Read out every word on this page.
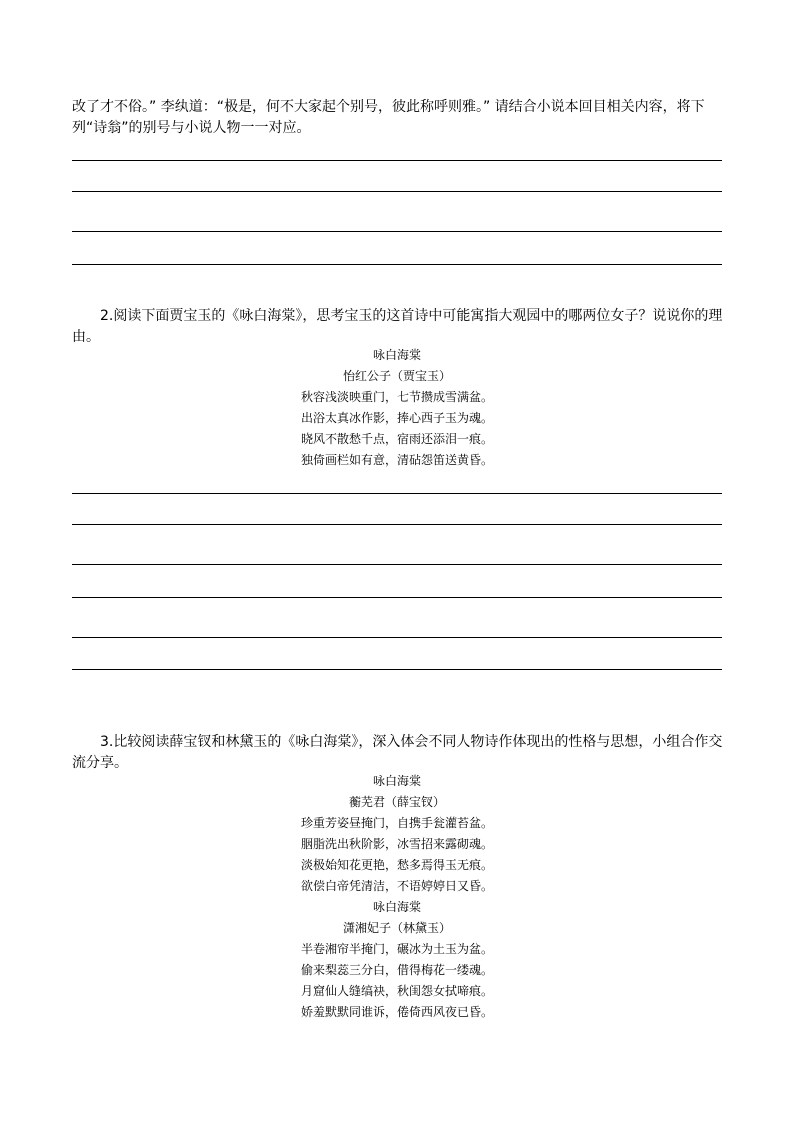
改了才不俗。” 李纨道：“极是，何不大家起个别号，彼此称呼则雅。” 请结合小说本回目相关内容，将下列“诗翁”的别号与小说人物一一对应。

2.阅读下面贾宝玉的《咏白海棠》，思考宝玉的这首诗中可能寓指大观园中的哪两位女子？说说你的理由。

咏白海棠
怡红公子（贾宝玉）
秋容浅淡映重门，七节攒成雪满盆。
出浴太真冰作影，捧心西子玉为魂。
晓风不散愁千点，宿雨还添泪一痕。
独倚画栏如有意，清砧怨笛送黄昏。

3.比较阅读薛宝钗和林黛玉的《咏白海棠》，深入体会不同人物诗作体现出的性格与思想，小组合作交流分享。

咏白海棠
蘅芜君（薛宝钗）
珍重芳姿昼掩门，自携手瓮灌苔盆。
胭脂洗出秋阶影，冰雪招来露砌魂。
淡极始知花更艳，愁多焉得玉无痕。
欲偿白帝凭清洁，不语婷婷日又昏。
咏白海棠
潇湘妃子（林黛玉）
半卷湘帘半掩门，碾冰为土玉为盆。
偷来梨蕊三分白，借得梅花一缕魂。
月窟仙人缝缟袂，秋闺怨女拭啼痕。
娇羞默默同谁诉，倦倚西风夜已昏。
